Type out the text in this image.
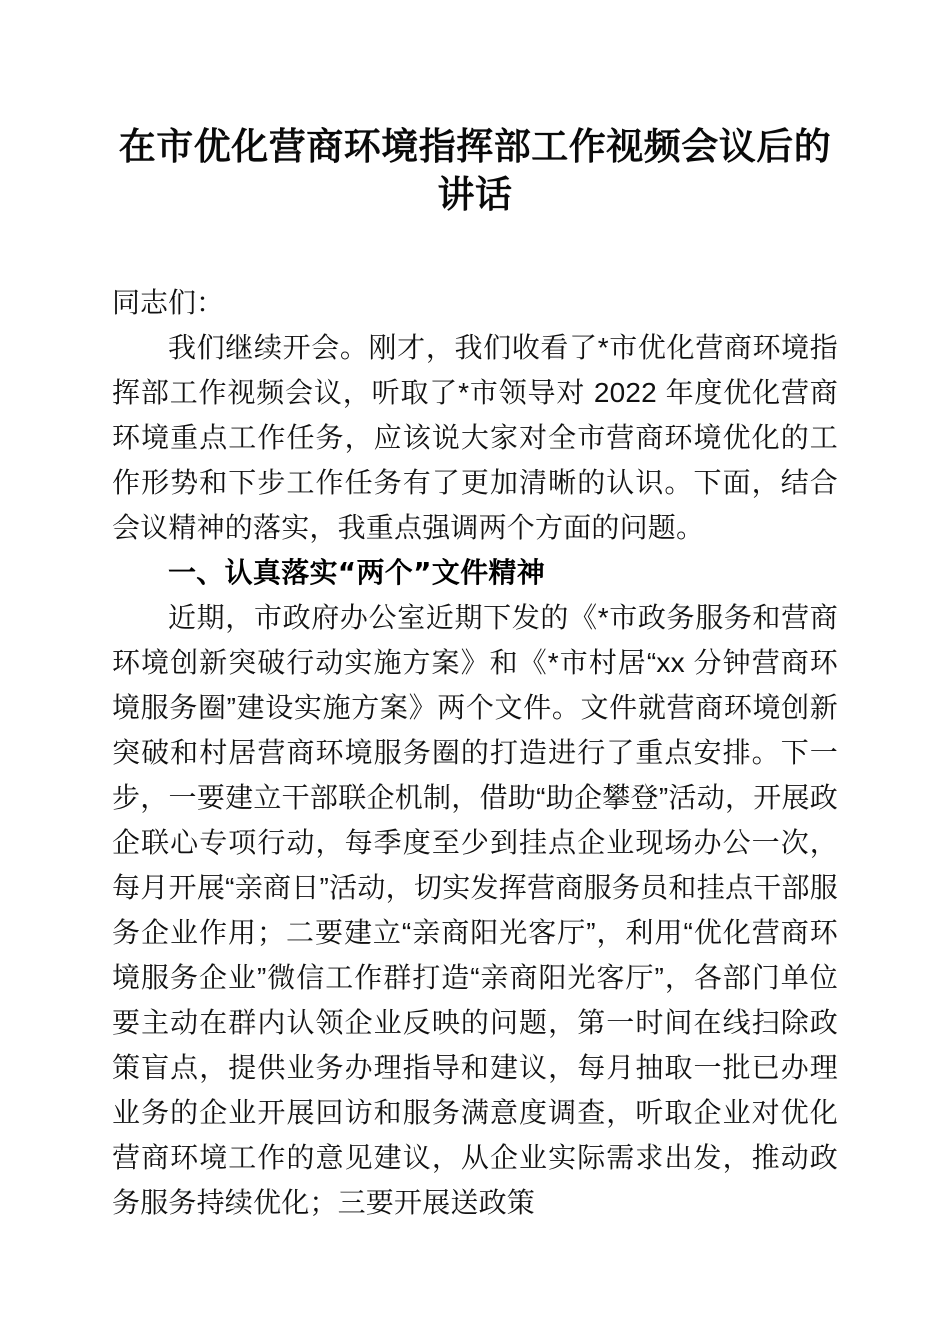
在市优化营商环境指挥部工作视频会议后的讲话

同志们：

我们继续开会。刚才，我们收看了*市优化营商环境指挥部工作视频会议，听取了*市领导对 2022 年度优化营商环境重点工作任务，应该说大家对全市营商环境优化的工作形势和下步工作任务有了更加清晰的认识。下面，结合会议精神的落实，我重点强调两个方面的问题。

一、认真落实“两个”文件精神

近期，市政府办公室近期下发的《*市政务服务和营商环境创新突破行动实施方案》和《*市村居“xx 分钟营商环境服务圈”建设实施方案》两个文件。文件就营商环境创新突破和村居营商环境服务圈的打造进行了重点安排。下一步，一要建立干部联企机制，借助“助企攀登”活动，开展政企联心专项行动，每季度至少到挂点企业现场办公一次，每月开展“亲商日”活动，切实发挥营商服务员和挂点干部服务企业作用；二要建立“亲商阳光客厅”，利用“优化营商环境服务企业”微信工作群打造“亲商阳光客厅”，各部门单位要主动在群内认领企业反映的问题，第一时间在线扫除政策盲点，提供业务办理指导和建议，每月抽取一批已办理业务的企业开展回访和服务满意度调查，听取企业对优化营商环境工作的意见建议，从企业实际需求出发，推动政务服务持续优化；三要开展送政策
